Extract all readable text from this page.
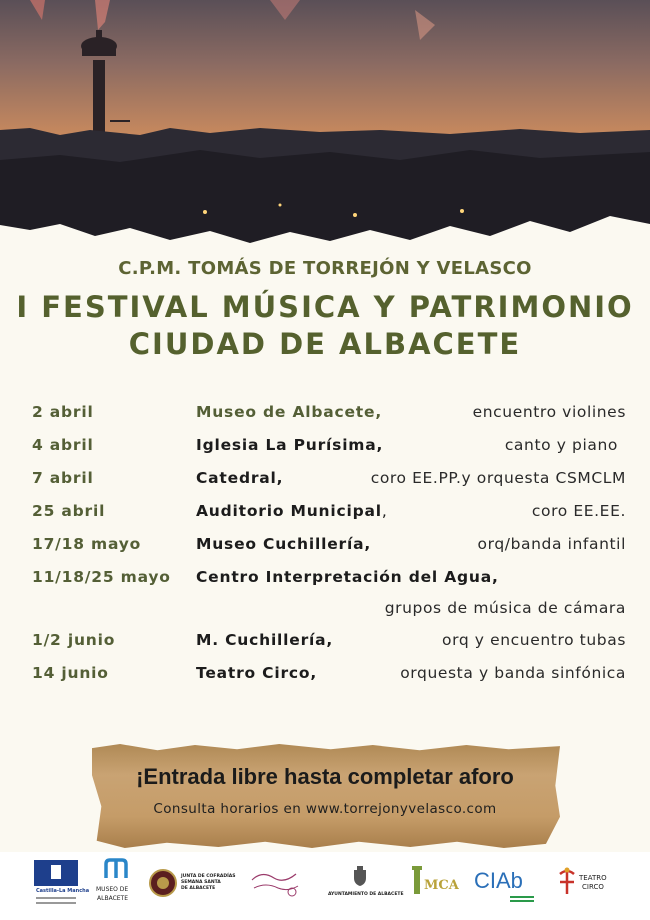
C.P.M. TOMÁS DE TORREJÓN Y VELASCO
I FESTIVAL MÚSICA Y PATRIMONIO
CIUDAD DE ALBACETE
2 abril	Museo de Albacete,	encuentro violines
4 abril	Iglesia La Purísima,	canto y piano
7 abril	Catedral,	coro EE.PP.y orquesta CSMCLM
25 abril	Auditorio Municipal,	coro EE.EE.
17/18 mayo	Museo Cuchillería,	orq/banda infantil
11/18/25 mayo Centro Interpretación del Agua,
grupos de música de cámara
1/2 junio	M. Cuchillería,	orq y encuentro tubas
14 junio	Teatro Circo,	orquesta y banda sinfónica
¡Entrada libre hasta completar aforo
Consulta horarios en www.torrejonyvelasco.com
Castilla-La Mancha MUSEO DE
ALBACETE
JUNTA DE COFRADÍAS
SEMANA SANTA
DE ALBACETE
AYUNTAMIENTO DE ALBACETE
MCA CIAb	TEATRO
CIRCO
